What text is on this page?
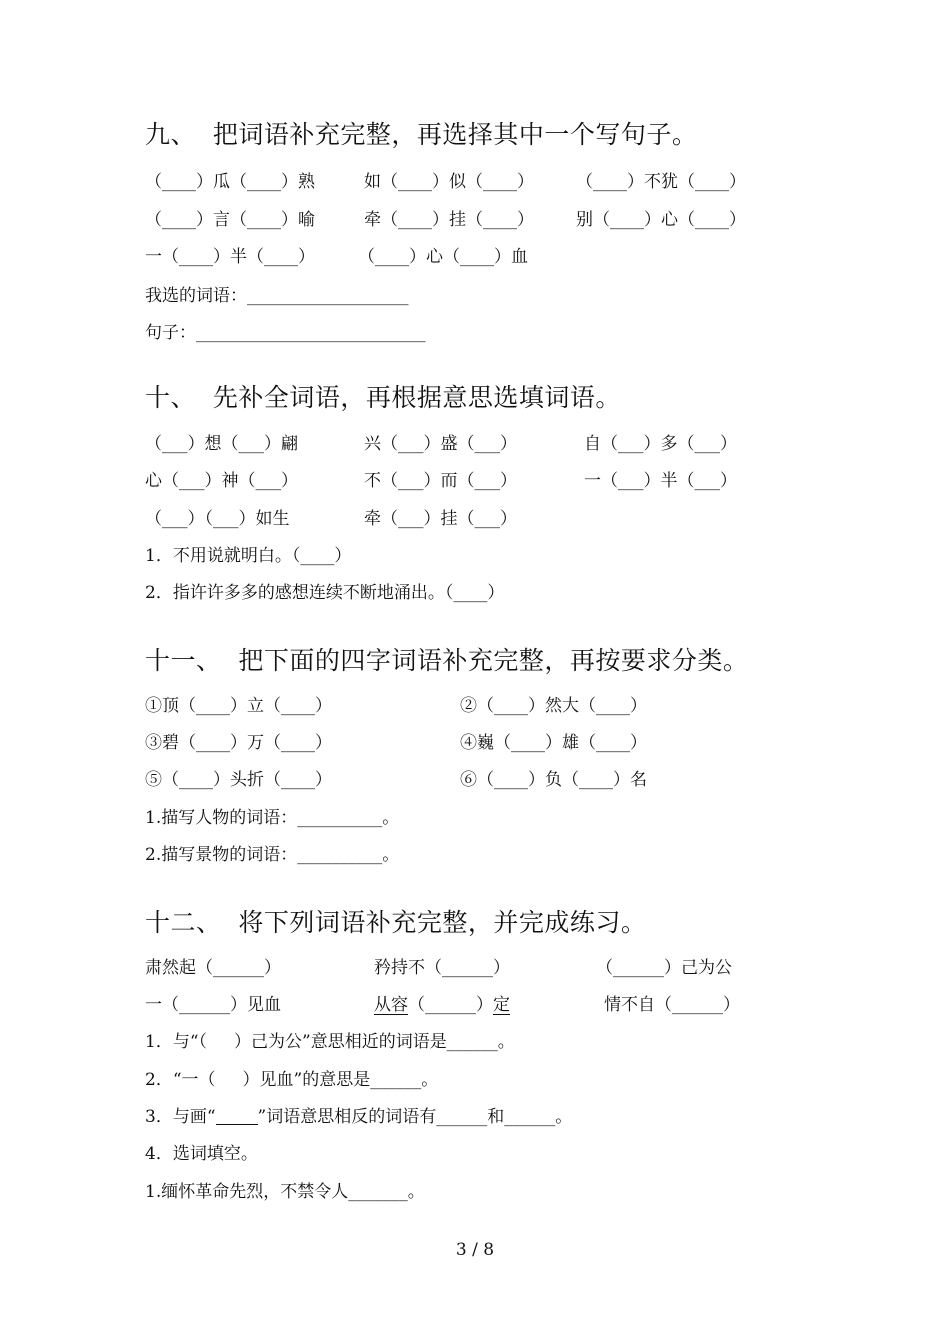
九、  把词语补充完整，再选择其中一个写句子。
（____）瓜（____）熟	如（____）似（____） （____）不犹（____）
（____）言（____）喻	牵（____）挂（____） 别（____）心（____）
一（____）半（____）	（____）心（____）血
我选的词语：___________________
句子：___________________________
十、  先补全词语，再根据意思选填词语。
（___）想（___）翩	兴（___）盛（___）	自（___）多（___）
心（___）神（___）	不（___）而（___）	一（___）半（___）
（___）（___）如生	牵（___）挂（___）
1．不用说就明白。（____）
2．指许许多多的感想连续不断地涌出。（____）
十一、  把下面的四字词语补充完整，再按要求分类。
①顶（____）立（____）	②（____）然大（____）
③碧（____）万（____）	④巍（____）雄（____）
⑤（____）头折（____）	⑥（____）负（____）名
1.描写人物的词语：__________。
2.描写景物的词语：__________。
十二、  将下列词语补充完整，并完成练习。
肃然起（______）	矜持不（______）	（______）己为公
一（______）见血	从容（______）定	情不自（______）
1．与“（     ）己为公”意思相近的词语是______。
2．“一（     ）见血”的意思是______。
3．与画“ ”词语意思相反的词语有______和______。
4．选词填空。
1.缅怀革命先烈，不禁令人_______。
3 / 8
